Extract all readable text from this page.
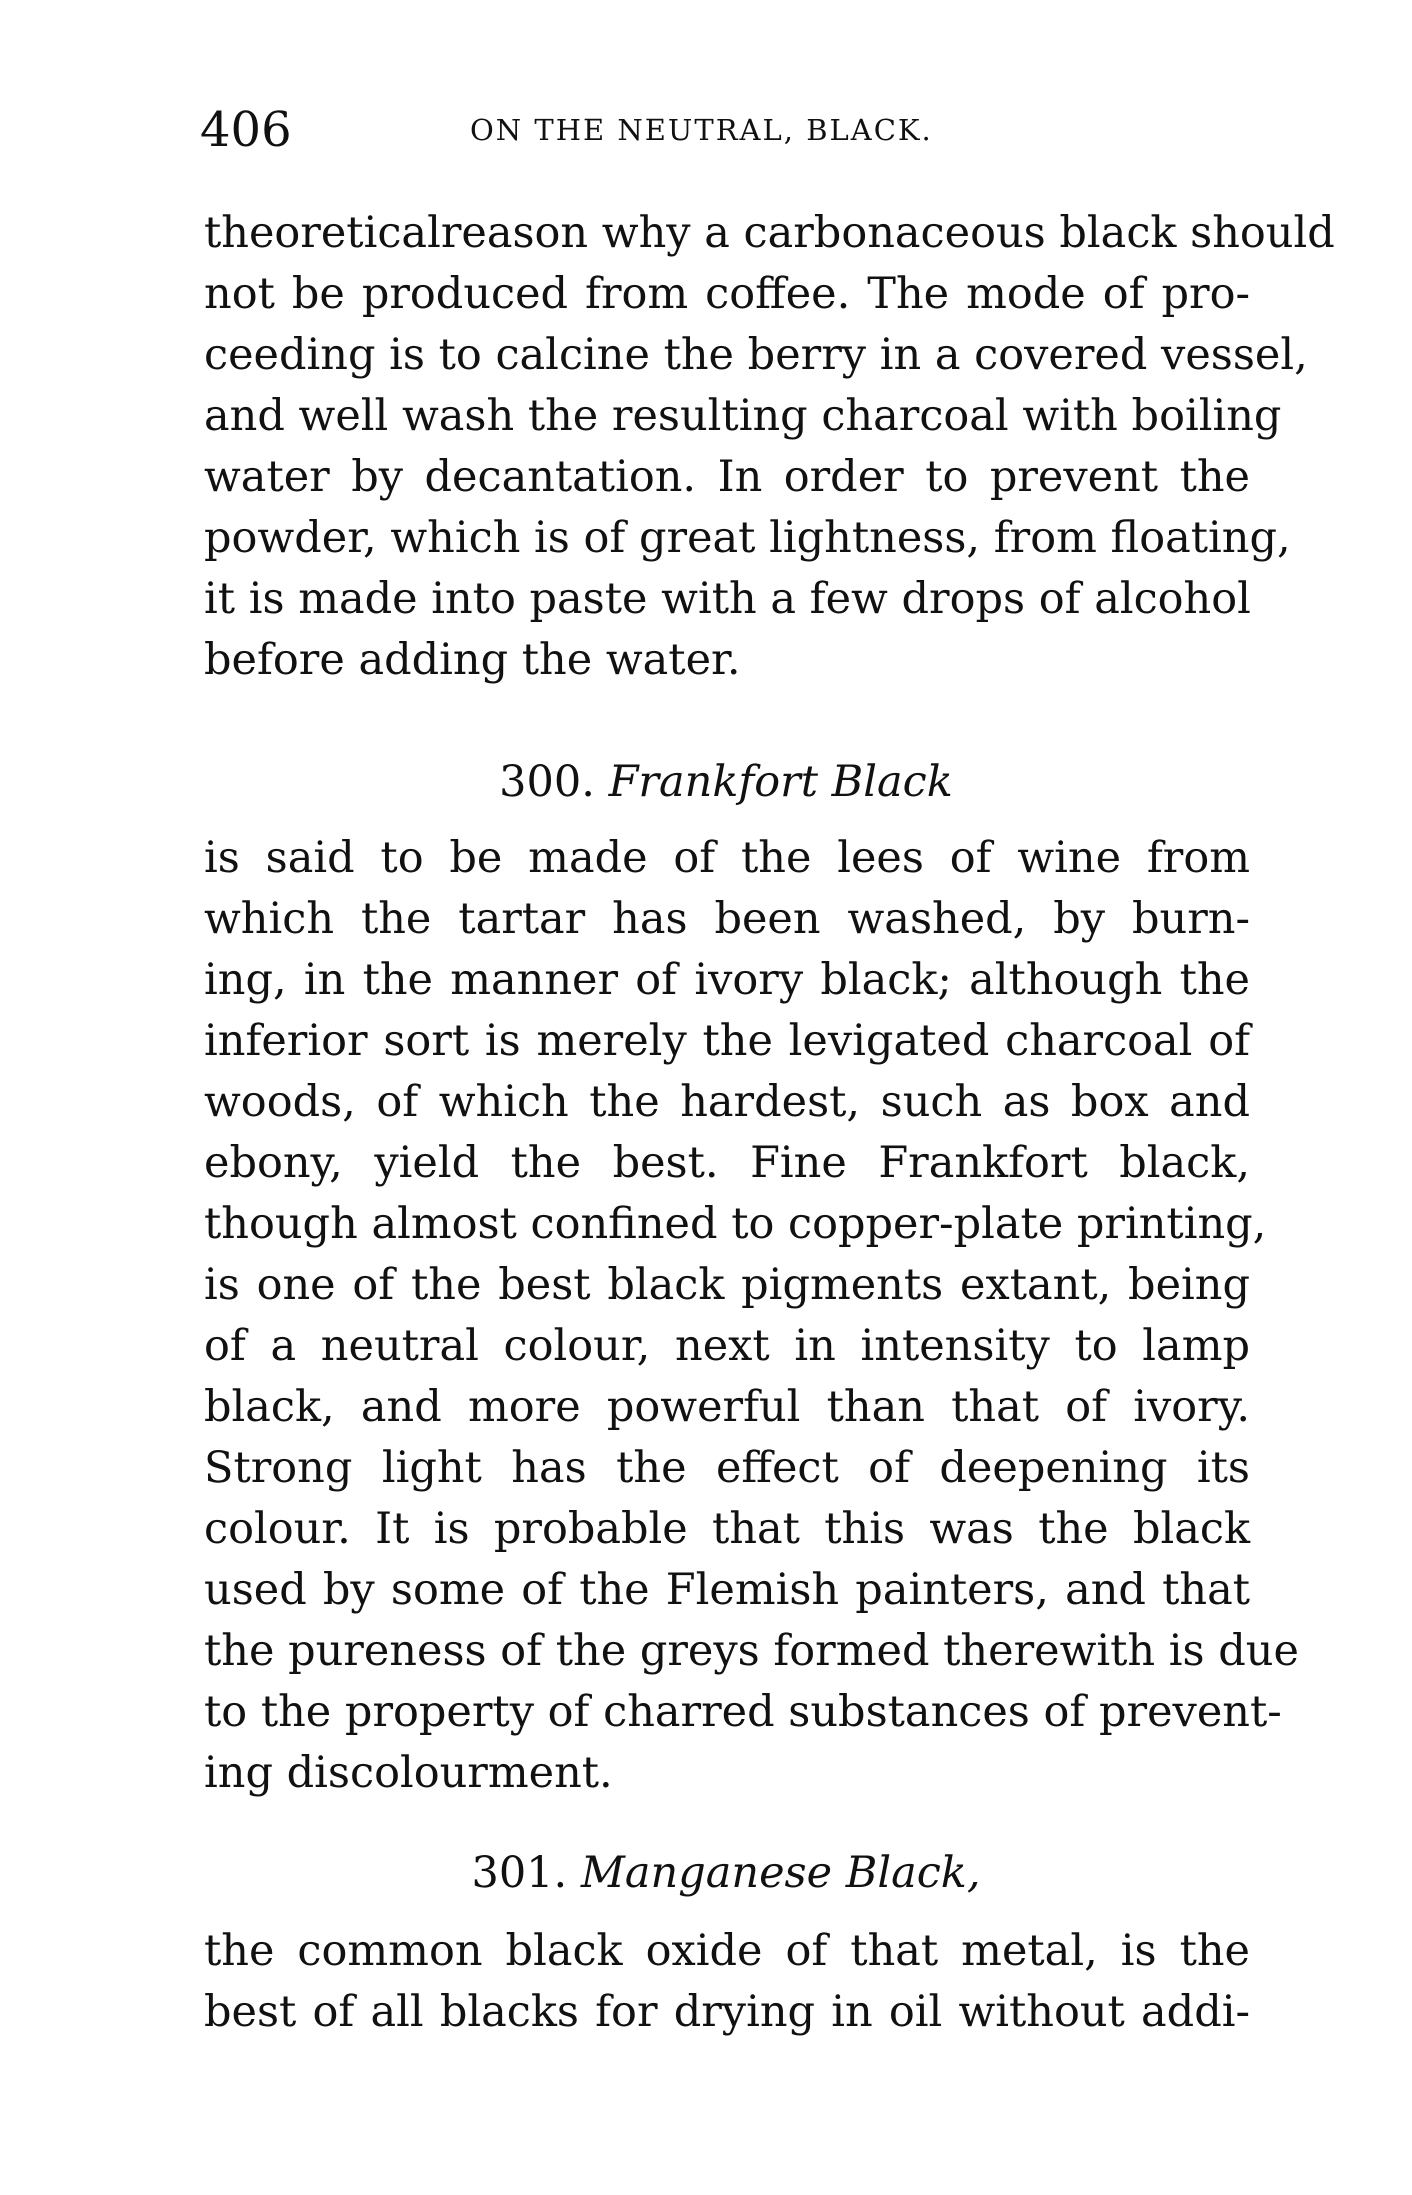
406	ON THE NEUTRAL, BLACK.
theoreticalreason why a carbonaceous black should
not be produced from coffee. The mode of pro-
ceeding is to calcine the berry in a covered vessel,
and well wash the resulting charcoal with boiling
water by decantation. In order to prevent the
powder, which is of great lightness, from floating,
it is made into paste with a few drops of alcohol
before adding the water.
300. Frankfort Black
is said to be made of the lees of wine from
which the tartar has been washed, by burn-
ing, in the manner of ivory black; although the
inferior sort is merely the levigated charcoal of
woods, of which the hardest, such as box and
ebony, yield the best. Fine Frankfort black,
though almost confined to copper-plate printing,
is one of the best black pigments extant, being
of a neutral colour, next in intensity to lamp
black, and more powerful than that of ivory.
Strong light has the effect of deepening its
colour. It is probable that this was the black
used by some of the Flemish painters, and that
the pureness of the greys formed therewith is due
to the property of charred substances of prevent-
ing discolourment.
301. Manganese Black,
the common black oxide of that metal, is the
best of all blacks for drying in oil without addi-
